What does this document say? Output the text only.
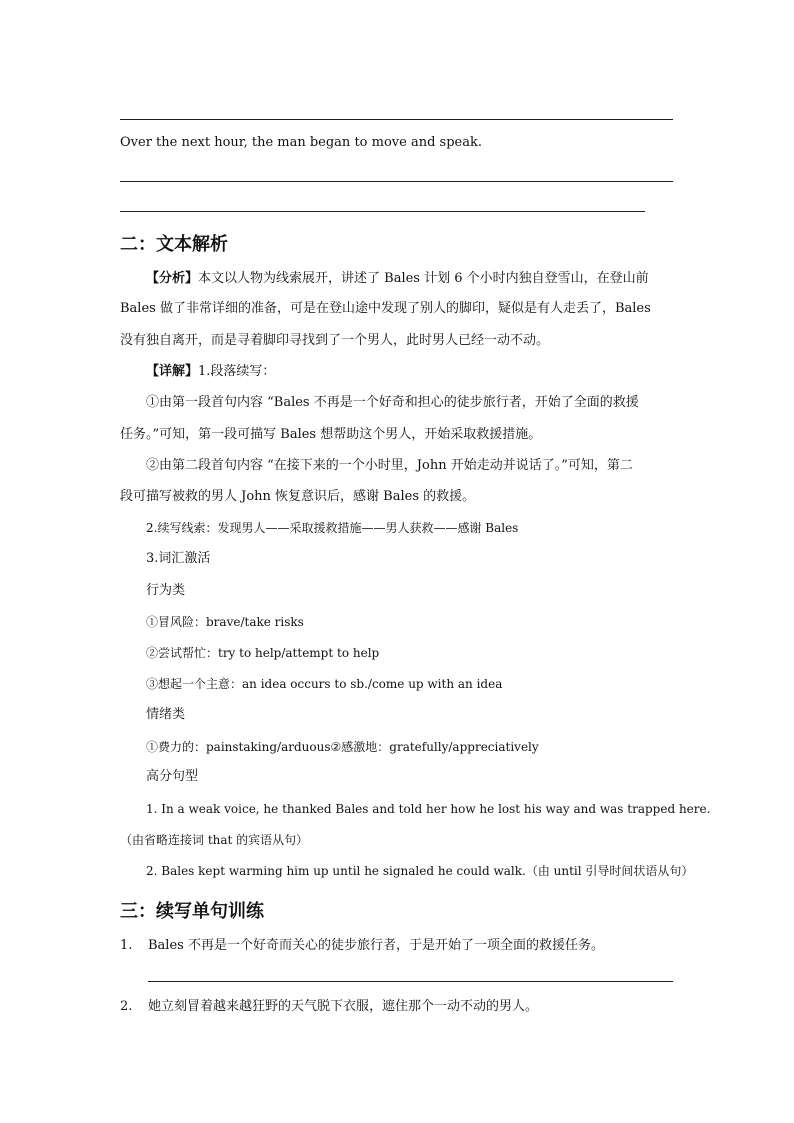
Over the next hour, the man began to move and speak.
二：文本解析
【分析】本文以人物为线索展开，讲述了 Bales 计划 6 个小时内独自登雪山，在登山前
Bales 做了非常详细的准备，可是在登山途中发现了别人的脚印，疑似是有人走丢了，Bales
没有独自离开，而是寻着脚印寻找到了一个男人，此时男人已经一动不动。
【详解】1.段落续写：
①由第一段首句内容 “Bales 不再是一个好奇和担心的徒步旅行者，开始了全面的救援
任务。”可知，第一段可描写 Bales 想帮助这个男人，开始采取救援措施。
②由第二段首句内容 “在接下来的一个小时里，John 开始走动并说话了。”可知，第二
段可描写被救的男人 John 恢复意识后，感谢 Bales 的救援。
2.续写线索：发现男人——采取援救措施——男人获救——感谢 Bales
3.词汇激活
行为类
①冒风险：brave/take risks
②尝试帮忙：try to help/attempt to help
③想起一个主意：an idea occurs to sb./come up with an idea
情绪类
①费力的：painstaking/arduous②感激地：gratefully/appreciatively
高分句型
1. In a weak voice, he thanked Bales and told her how he lost his way and was trapped here.
（由省略连接词 that 的宾语从句）
2. Bales kept warming him up until he signaled he could walk.（由 until 引导时间状语从句）
三：续写单句训练
1. Bales 不再是一个好奇而关心的徒步旅行者，于是开始了一项全面的救援任务。
2. 她立刻冒着越来越狂野的天气脱下衣服，遮住那个一动不动的男人。
